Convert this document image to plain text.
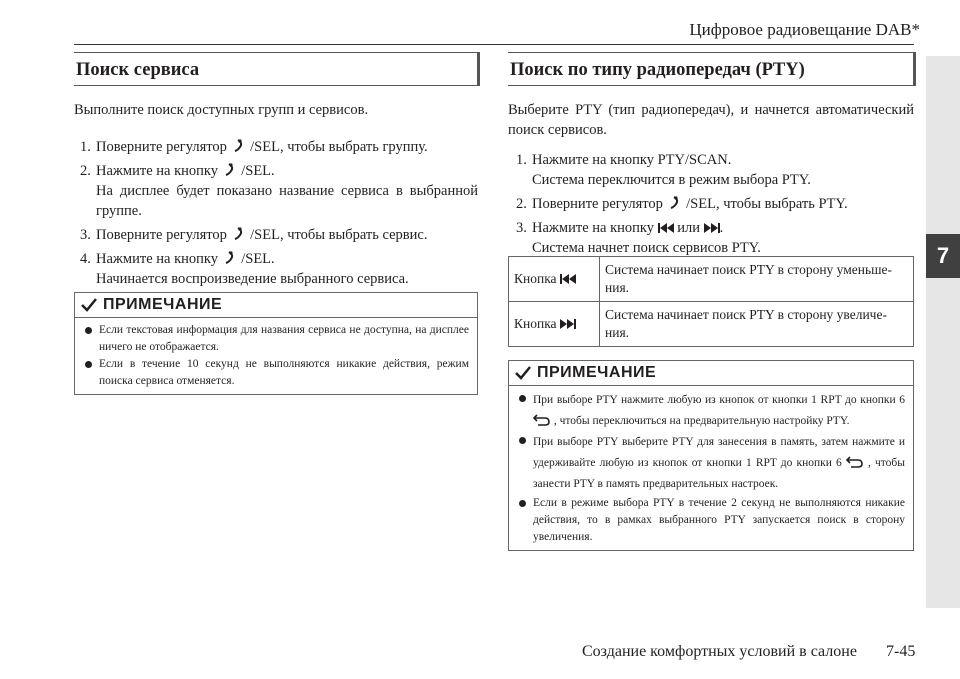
Цифровое радиовещание DAB*
7
Поиск сервиса

Выполните поиск доступных групп и сервисов.

1. Поверните регулятор /SEL, чтобы выбрать группу.
2. Нажмите на кнопку /SEL.
На дисплее будет показано название сервиса в выбранной группе.
3. Поверните регулятор /SEL, чтобы выбрать сервис.
4. Нажмите на кнопку /SEL.
Начинается воспроизведение выбранного сервиса.
ПРИМЕЧАНИЕ
Если текстовая информация для названия сервиса не доступна, на дисплее ничего не отображается.
Если в течение 10 секунд не выполняются никакие действия, режим поиска сервиса отменяется.
Поиск по типу радиопередач (PTY)

Выберите PTY (тип радиопередач), и начнется автоматический поиск сервисов.

1. Нажмите на кнопку PTY/SCAN.
Система переключится в режим выбора PTY.
2. Поверните регулятор /SEL, чтобы выбрать PTY.
3. Нажмите на кнопку или .
Система начнет поиск сервисов PTY.
Кнопка	Система начинает поиск PTY в сторону уменьше-ния.
Кнопка	Система начинает поиск PTY в сторону увеличе-ния.
ПРИМЕЧАНИЕ
При выборе PTY нажмите любую из кнопок от кнопки 1 RPT до кнопки 6  , чтобы переключиться на предварительную настройку PTY.
При выборе PTY выберите PTY для занесения в память, затем нажмите и удерживайте любую из кнопок от кнопки 1 RPT до кнопки 6 , чтобы занести PTY в память предварительных настроек.
Если в режиме выбора PTY в течение 2 секунд не выполняются никакие действия, то в рамках выбранного PTY запускается поиск в сторону увеличения.
Создание комфортных условий в салоне 7-45
